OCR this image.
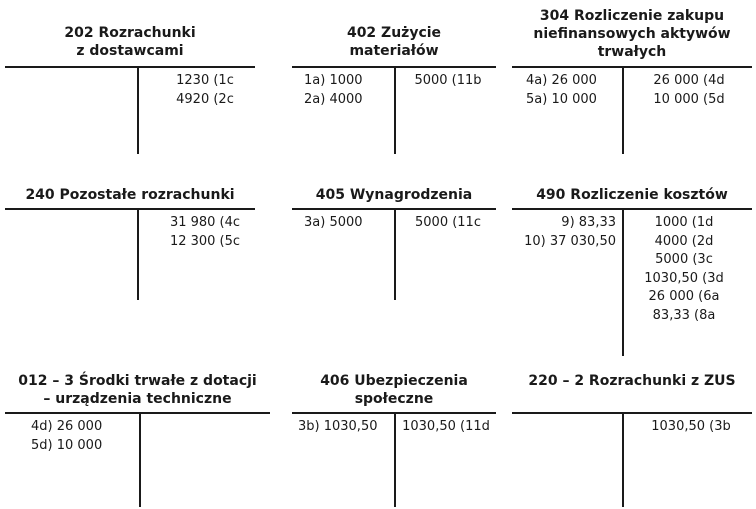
202 Rozrachunki
z dostawcami
1230 (1c
4920 (2c
402 Zużycie
materiałów
1a) 1000
2a) 4000
5000 (11b
304 Rozliczenie zakupu
niefinansowych aktywów
trwałych
4a) 26 000
5a) 10 000
26 000 (4d
10 000 (5d
240 Pozostałe rozrachunki
31 980 (4c
12 300 (5c
405 Wynagrodzenia
3a) 5000	5000 (11c
490 Rozliczenie kosztów
9) 83,33
10) 37 030,50
1000 (1d
4000 (2d
5000 (3c
1030,50 (3d
26 000 (6a
83,33 (8a
012 – 3 Środki trwałe z dotacji
– urządzenia techniczne
4d) 26 000
5d) 10 000
406 Ubezpieczenia
społeczne
3b) 1030,50	1030,50 (11d
220 – 2 Rozrachunki z ZUS
1030,50 (3b
